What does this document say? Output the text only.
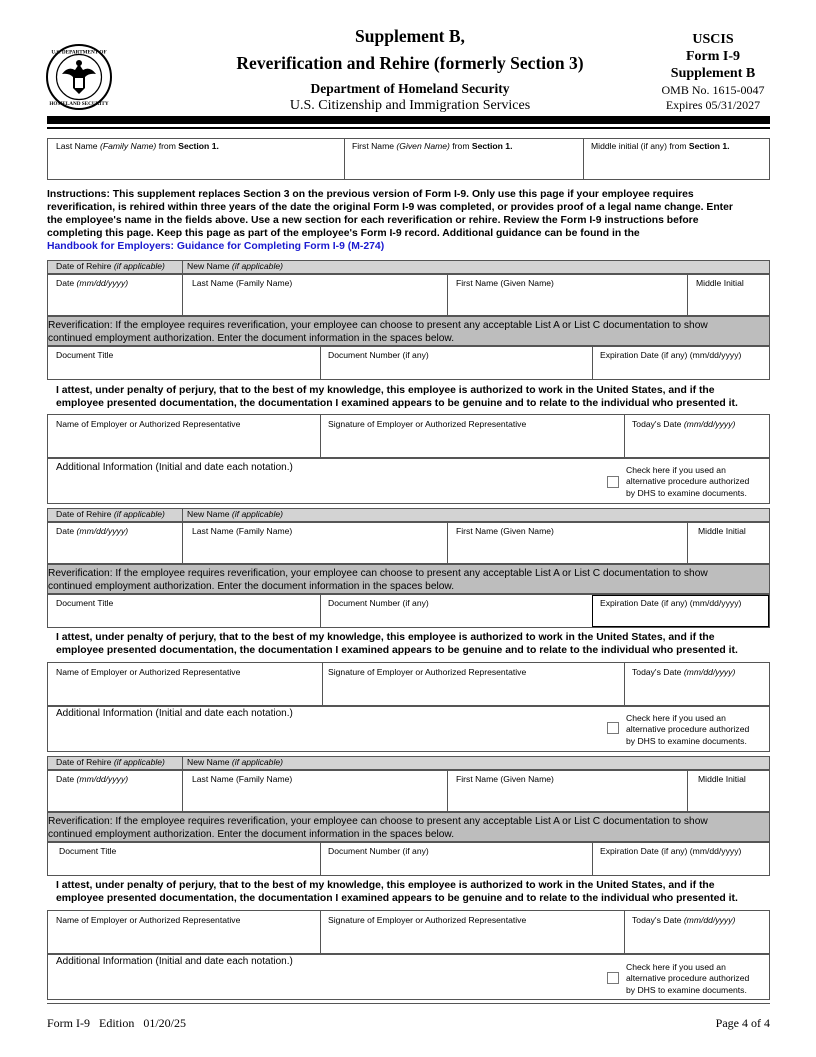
U.S. DEPARTMENT OF
HOMELAND SECURITY
Supplement B,
Reverification and Rehire (formerly Section 3)
Department of Homeland Security
U.S. Citizenship and Immigration Services
USCIS
Form I-9
Supplement B
OMB No. 1615-0047
Expires 05/31/2027
Last Name (Family Name) from Section 1.	First Name (Given Name) from Section 1.	Middle initial (if any) from Section 1.
Instructions: This supplement replaces Section 3 on the previous version of Form I-9. Only use this page if your employee requires
reverification, is rehired within three years of the date the original Form I-9 was completed, or provides proof of a legal name change. Enter
the employee's name in the fields above. Use a new section for each reverification or rehire. Review the Form I-9 instructions before
completing this page. Keep this page as part of the employee's Form I-9 record. Additional guidance can be found in the
Handbook for Employers: Guidance for Completing Form I-9 (M-274)
Date of Rehire (if applicable)	New Name (if applicable)
Date (mm/dd/yyyy)	Last Name (Family Name)	First Name (Given Name)	Middle Initial
Reverification: If the employee requires reverification, your employee can choose to present any acceptable List A or List C documentation to show
continued employment authorization. Enter the document information in the spaces below.
Document Title	Document Number (if any)	Expiration Date (if any) (mm/dd/yyyy)
I attest, under penalty of perjury, that to the best of my knowledge, this employee is authorized to work in the United States, and if the
employee presented documentation, the documentation I examined appears to be genuine and to relate to the individual who presented it.
Name of Employer or Authorized Representative	Signature of Employer or Authorized Representative	Today's Date (mm/dd/yyyy)
Additional Information (Initial and date each notation.)	Check here if you used an
alternative procedure authorized
by DHS to examine documents.
Date of Rehire (if applicable)	New Name (if applicable)
Date (mm/dd/yyyy)	Last Name (Family Name)	First Name (Given Name)	Middle Initial
Reverification: If the employee requires reverification, your employee can choose to present any acceptable List A or List C documentation to show
continued employment authorization. Enter the document information in the spaces below.
Document Title	Document Number (if any)	Expiration Date (if any) (mm/dd/yyyy)
I attest, under penalty of perjury, that to the best of my knowledge, this employee is authorized to work in the United States, and if the
employee presented documentation, the documentation I examined appears to be genuine and to relate to the individual who presented it.
Name of Employer or Authorized Representative	Signature of Employer or Authorized Representative	Today's Date (mm/dd/yyyy)
Additional Information (Initial and date each notation.)	Check here if you used an
alternative procedure authorized
by DHS to examine documents.
Date of Rehire (if applicable)	New Name (if applicable)
Date (mm/dd/yyyy)	Last Name (Family Name)	First Name (Given Name)	Middle Initial
Reverification: If the employee requires reverification, your employee can choose to present any acceptable List A or List C documentation to show
continued employment authorization. Enter the document information in the spaces below.
Document Title	Document Number (if any)	Expiration Date (if any) (mm/dd/yyyy)
I attest, under penalty of perjury, that to the best of my knowledge, this employee is authorized to work in the United States, and if the
employee presented documentation, the documentation I examined appears to be genuine and to relate to the individual who presented it.
Name of Employer or Authorized Representative	Signature of Employer or Authorized Representative	Today's Date (mm/dd/yyyy)
Additional Information (Initial and date each notation.)	Check here if you used an
alternative procedure authorized
by DHS to examine documents.
Form I-9   Edition   01/20/25	Page 4 of 4
